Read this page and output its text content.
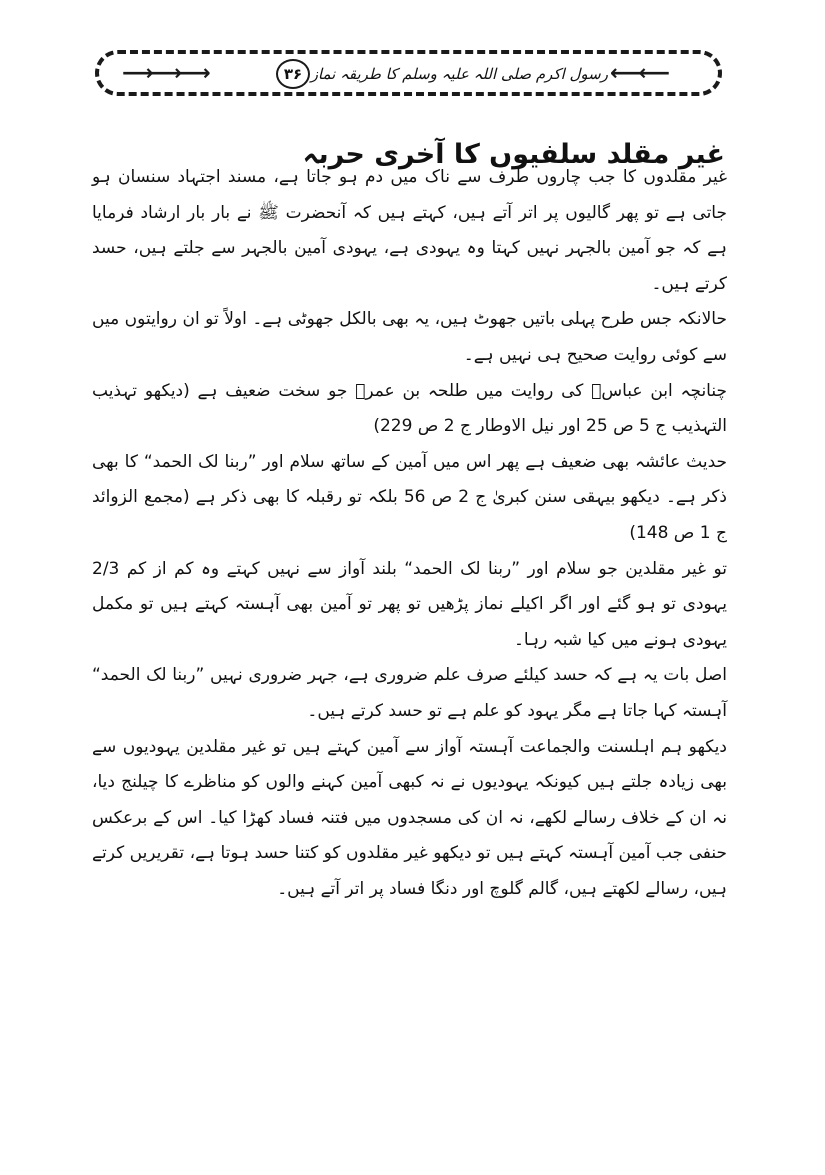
⟶⟶⟶	⟵⟵
۳۶ رسول اکرم صلی اللہ علیہ وسلم کا طریقہ نماز
غیر مقلد سلفیوں کا آخری حربہ

غیر مقلدوں کا جب چاروں طرف سے ناک میں دم ہو جاتا ہے، مسند اجتہاد سنسان ہو جاتی ہے تو پھر گالیوں پر اتر آتے ہیں، کہتے ہیں کہ آنحضرت ﷺ نے بار بار ارشاد فرمایا ہے کہ جو آمین بالجہر نہیں کہتا وہ یہودی ہے، یہودی آمین بالجہر سے جلتے ہیں، حسد کرتے ہیں۔

حالانکہ جس طرح پہلی باتیں جھوٹ ہیں، یہ بھی بالکل جھوٹی ہے۔ اولاً تو ان روایتوں میں سے کوئی روایت صحیح ہی نہیں ہے۔

چنانچہ ابن عباسؓ کی روایت میں طلحہ بن عمرؓ جو سخت ضعیف ہے (دیکھو تہذیب التہذیب ج 5 ص 25 اور نیل الاوطار ج 2 ص 229)

حدیث عائشہ بھی ضعیف ہے پھر اس میں آمین کے ساتھ سلام اور ”ربنا لک الحمد“ کا بھی ذکر ہے۔ دیکھو بیہقی سنن کبریٰ ج 2 ص 56 بلکہ تو رقبلہ کا بھی ذکر ہے (مجمع الزوائد ج 1 ص 148)

تو غیر مقلدین جو سلام اور ”ربنا لک الحمد“ بلند آواز سے نہیں کہتے وہ کم از کم 2/3 یہودی تو ہو گئے اور اگر اکیلے نماز پڑھیں تو پھر تو آمین بھی آہستہ کہتے ہیں تو مکمل یہودی ہونے میں کیا شبہ رہا۔

اصل بات یہ ہے کہ حسد کیلئے صرف علم ضروری ہے، جہر ضروری نہیں ”ربنا لک الحمد“ آہستہ کہا جاتا ہے مگر یہود کو علم ہے تو حسد کرتے ہیں۔

دیکھو ہم اہلسنت والجماعت آہستہ آواز سے آمین کہتے ہیں تو غیر مقلدین یہودیوں سے بھی زیادہ جلتے ہیں کیونکہ یہودیوں نے نہ کبھی آمین کہنے والوں کو مناظرے کا چیلنج دیا، نہ ان کے خلاف رسالے لکھے، نہ ان کی مسجدوں میں فتنہ فساد کھڑا کیا۔ اس کے برعکس حنفی جب آمین آہستہ کہتے ہیں تو دیکھو غیر مقلدوں کو کتنا حسد ہوتا ہے، تقریریں کرتے ہیں، رسالے لکھتے ہیں، گالم گلوچ اور دنگا فساد پر اتر آتے ہیں۔
